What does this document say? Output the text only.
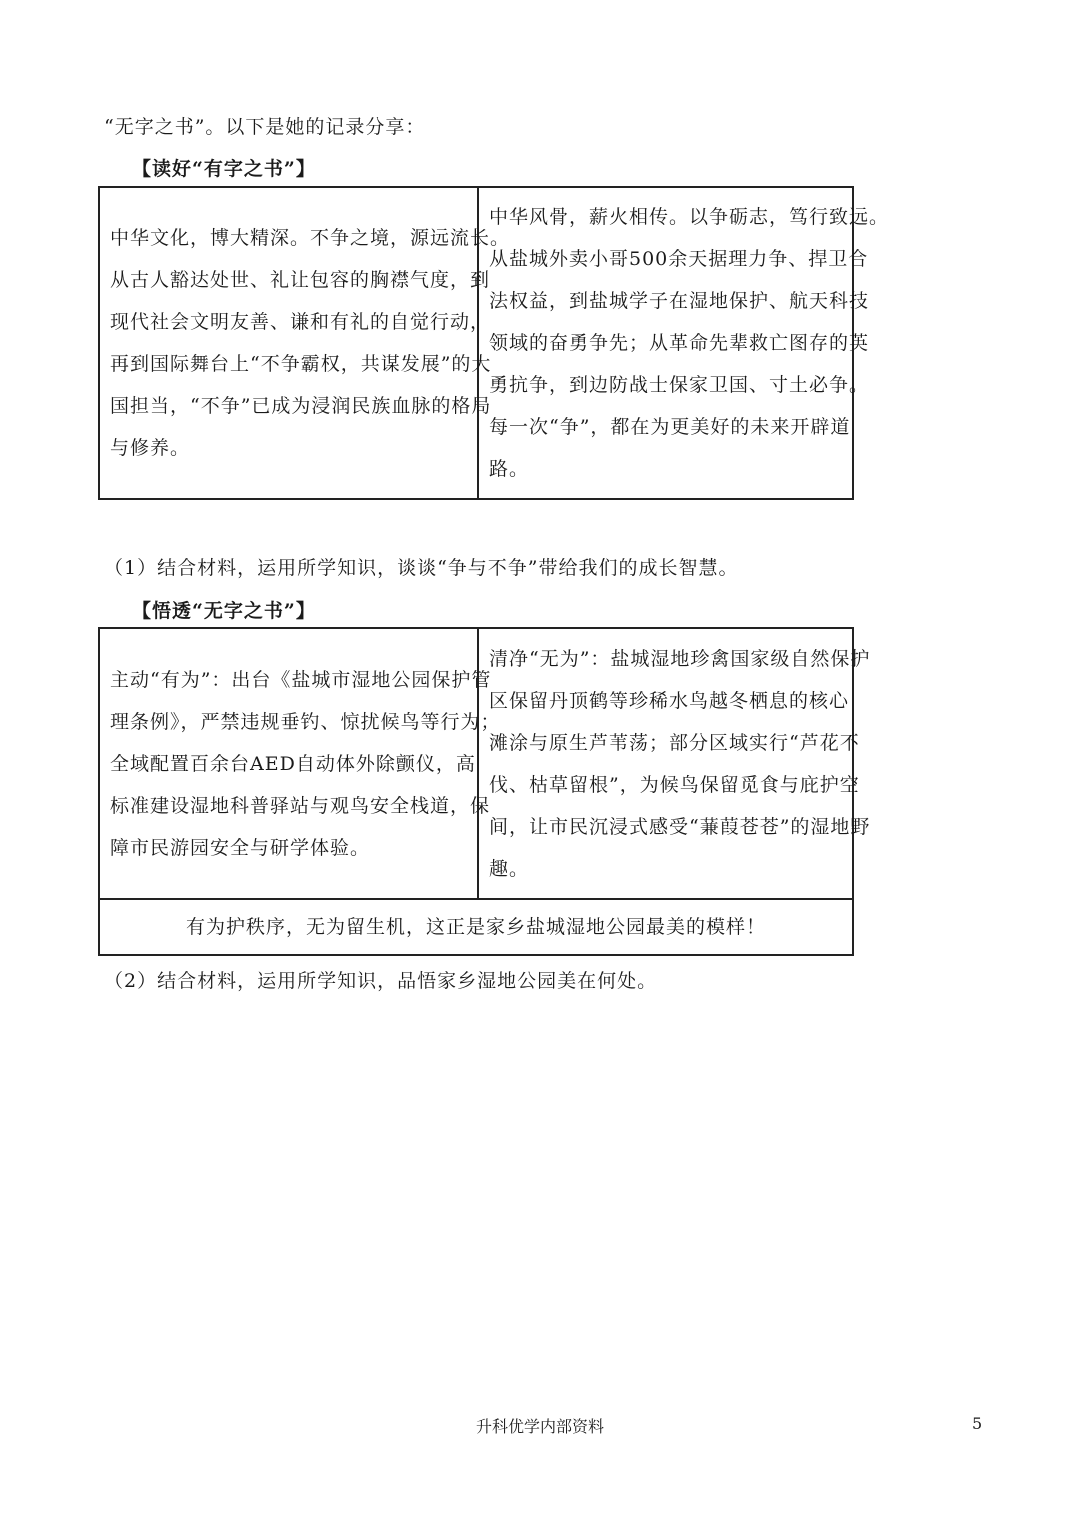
“无字之书”。以下是她的记录分享：
【读好“有字之书”】
中华文化，博大精深。不争之境，源远流长。
从古人豁达处世、礼让包容的胸襟气度，到
现代社会文明友善、谦和有礼的自觉行动，
再到国际舞台上“不争霸权，共谋发展”的大
国担当，“不争”已成为浸润民族血脉的格局
与修养。

中华风骨，薪火相传。以争砺志，笃行致远。
从盐城外卖小哥500余天据理力争、捍卫合
法权益，到盐城学子在湿地保护、航天科技
领域的奋勇争先；从革命先辈救亡图存的英
勇抗争，到边防战士保家卫国、寸土必争。
每一次“争”，都在为更美好的未来开辟道
路。
（1）结合材料，运用所学知识，谈谈“争与不争”带给我们的成长智慧。
【悟透“无字之书”】
主动“有为”：出台《盐城市湿地公园保护管
理条例》，严禁违规垂钓、惊扰候鸟等行为；
全域配置百余台AED自动体外除颤仪，高
标准建设湿地科普驿站与观鸟安全栈道，保
障市民游园安全与研学体验。

清净“无为”：盐城湿地珍禽国家级自然保护
区保留丹顶鹤等珍稀水鸟越冬栖息的核心
滩涂与原生芦苇荡；部分区域实行“芦花不
伐、枯草留根”，为候鸟保留觅食与庇护空
间，让市民沉浸式感受“蒹葭苍苍”的湿地野
趣。

有为护秩序，无为留生机，这正是家乡盐城湿地公园最美的模样！
（2）结合材料，运用所学知识，品悟家乡湿地公园美在何处。
升科优学内部资料	5
